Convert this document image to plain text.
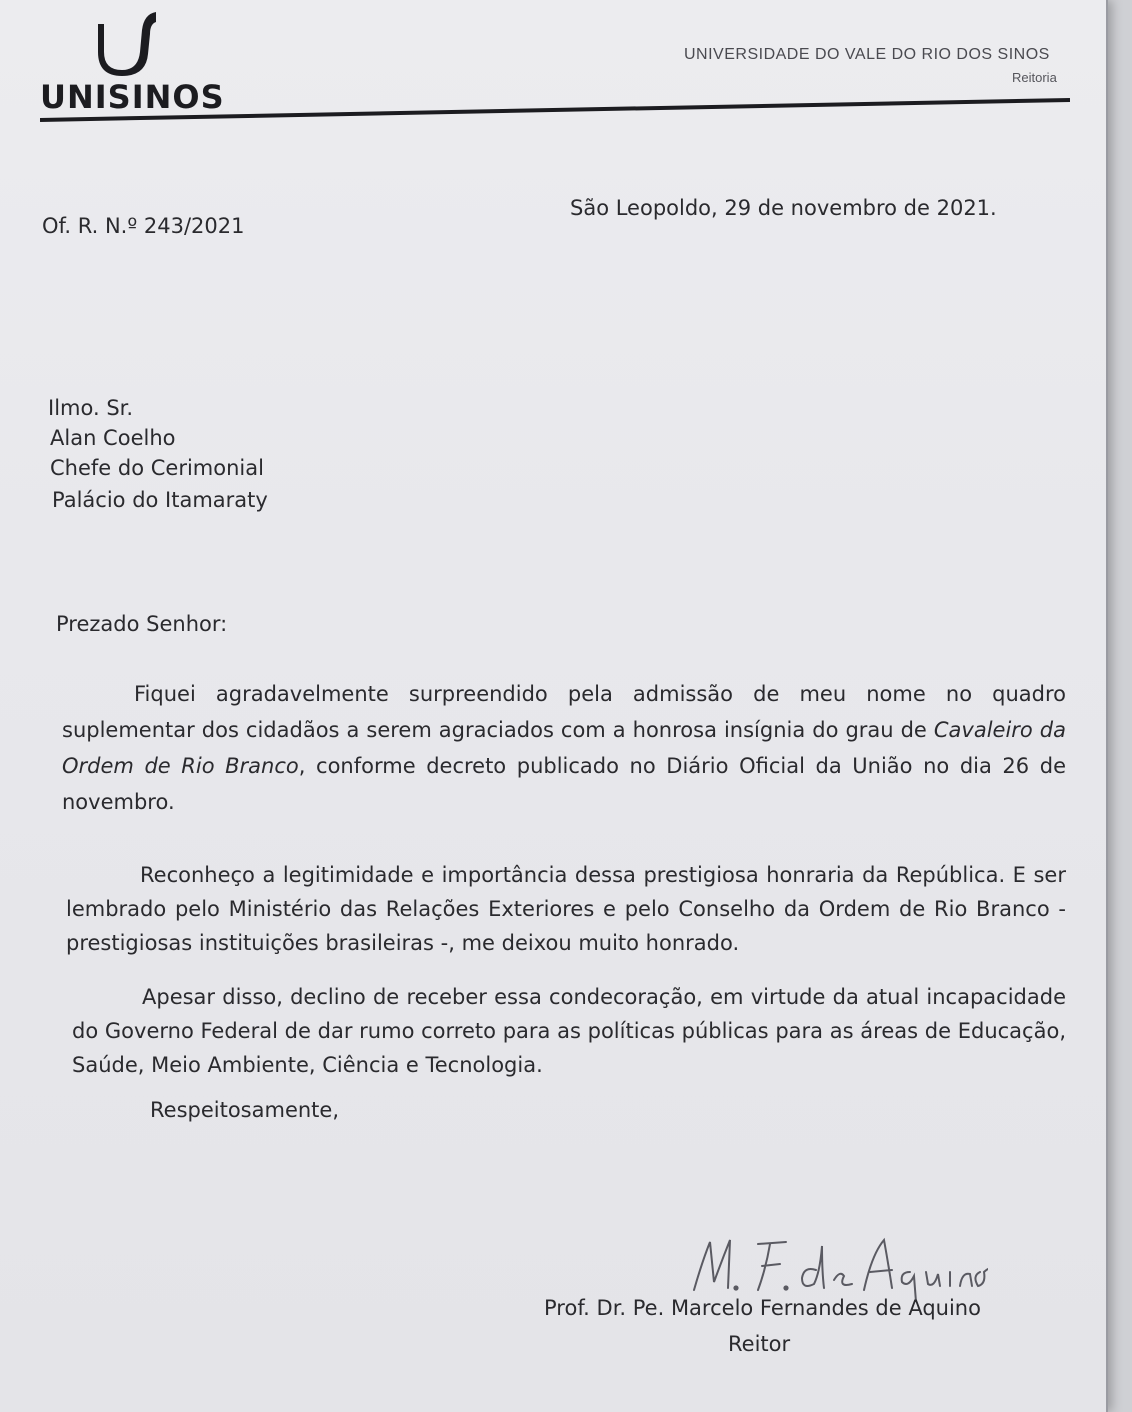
UNISINOS
UNIVERSIDADE DO VALE DO RIO DOS SINOS
Reitoria
Of. R. N.º 243/2021
São Leopoldo, 29 de novembro de 2021.
Ilmo. Sr.
Alan Coelho
Chefe do Cerimonial
Palácio do Itamaraty
Prezado Senhor:
Fiquei agradavelmente surpreendido pela admissão de meu nome no quadro suplementar dos cidadãos a serem agraciados com a honrosa insígnia do grau de Cavaleiro da Ordem de Rio Branco, conforme decreto publicado no Diário Oficial da União no dia 26 de novembro.
Reconheço a legitimidade e importância dessa prestigiosa honraria da República. E ser lembrado pelo Ministério das Relações Exteriores e pelo Conselho da Ordem de Rio Branco - prestigiosas instituições brasileiras -, me deixou muito honrado.
Apesar disso, declino de receber essa condecoração, em virtude da atual incapacidade do Governo Federal de dar rumo correto para as políticas públicas para as áreas de Educação, Saúde, Meio Ambiente, Ciência e Tecnologia.
Respeitosamente,
Prof. Dr. Pe. Marcelo Fernandes de Aquino
Reitor
